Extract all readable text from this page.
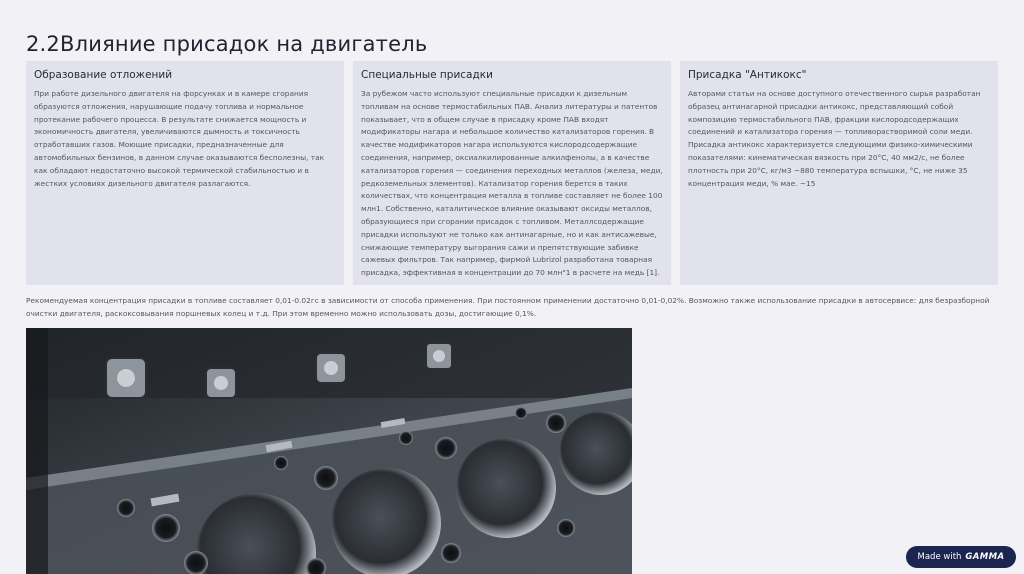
2.2Влияние присадок на двигатель
Образование отложений

При работе дизельного двигателя на форсунках и в камере сгорания образуются отложения, нарушающие подачу топлива и нормальное протекание рабочего процесса. В результате снижается мощность и экономичность двигателя, увеличиваются дымность и токсичность отработавших газов. Моющие присадки, предназначенные для автомобильных бензинов, в данном случае оказываются бесполезны, так как обладают недостаточно высокой термической стабильностью и в жестких условиях дизельного двигателя разлагаются.

Специальные присадки

За рубежом часто используют специальные присадки к дизельным топливам на основе термостабильных ПАВ. Анализ литературы и патентов показывает, что в общем случае в присадку кроме ПАВ входят модификаторы нагара и небольшое количество катализаторов горения. В качестве модификаторов нагара используются кислородсодержащие соединения, например, оксиалкилированные алкилфенолы, а в качестве катализаторов горения — соединения переходных металлов (железа, меди, редкоземельных элементов). Катализатор горения берется в таких количествах, что концентрация металла в топливе составляет не более 100 млн1. Собственно, каталитическое влияние оказывают оксиды металлов, образующиеся при сгорании присадок с топливом. Металлсодержащие присадки используют не только как антинагарные, но и как антисажевые, снижающие температуру выгорания сажи и препятствующие забивке сажевых фильтров. Так например, фирмой Lubrizol разработана товарная присадка, эффективная в концентрации до 70 млн"1 в расчете на медь [1].

Присадка "Антикокс"

Авторами статьи на основе доступного отечественного сырья разработан образец антинагарной присадки антикокс, представляющий собой композицию термостабильного ПАВ, фракции кислородсодержащих соединений и катализатора горения — топливорастворимой соли меди. Присадка антикокс характеризуется следующими физико-химическими показателями: кинематическая вязкость при 20°С, 40 мм2/с, не более плотность при 20°С, кг/м3 ~880 температура вспышки, °С, не ниже 35 концентрация меди, % мае. ~15

Рекомендуемая концентрация присадки в топливе составляет 0,01-0.02гс в зависимости от способа применения. При постоянном применении достаточно 0,01-0,02%. Возможно также использование присадки в автосервисе: для безразборной очистки двигателя, раскоксовывания поршневых колец и т.д. При этом временно можно использовать дозы, достигающие 0,1%.

Made with GAMMA
